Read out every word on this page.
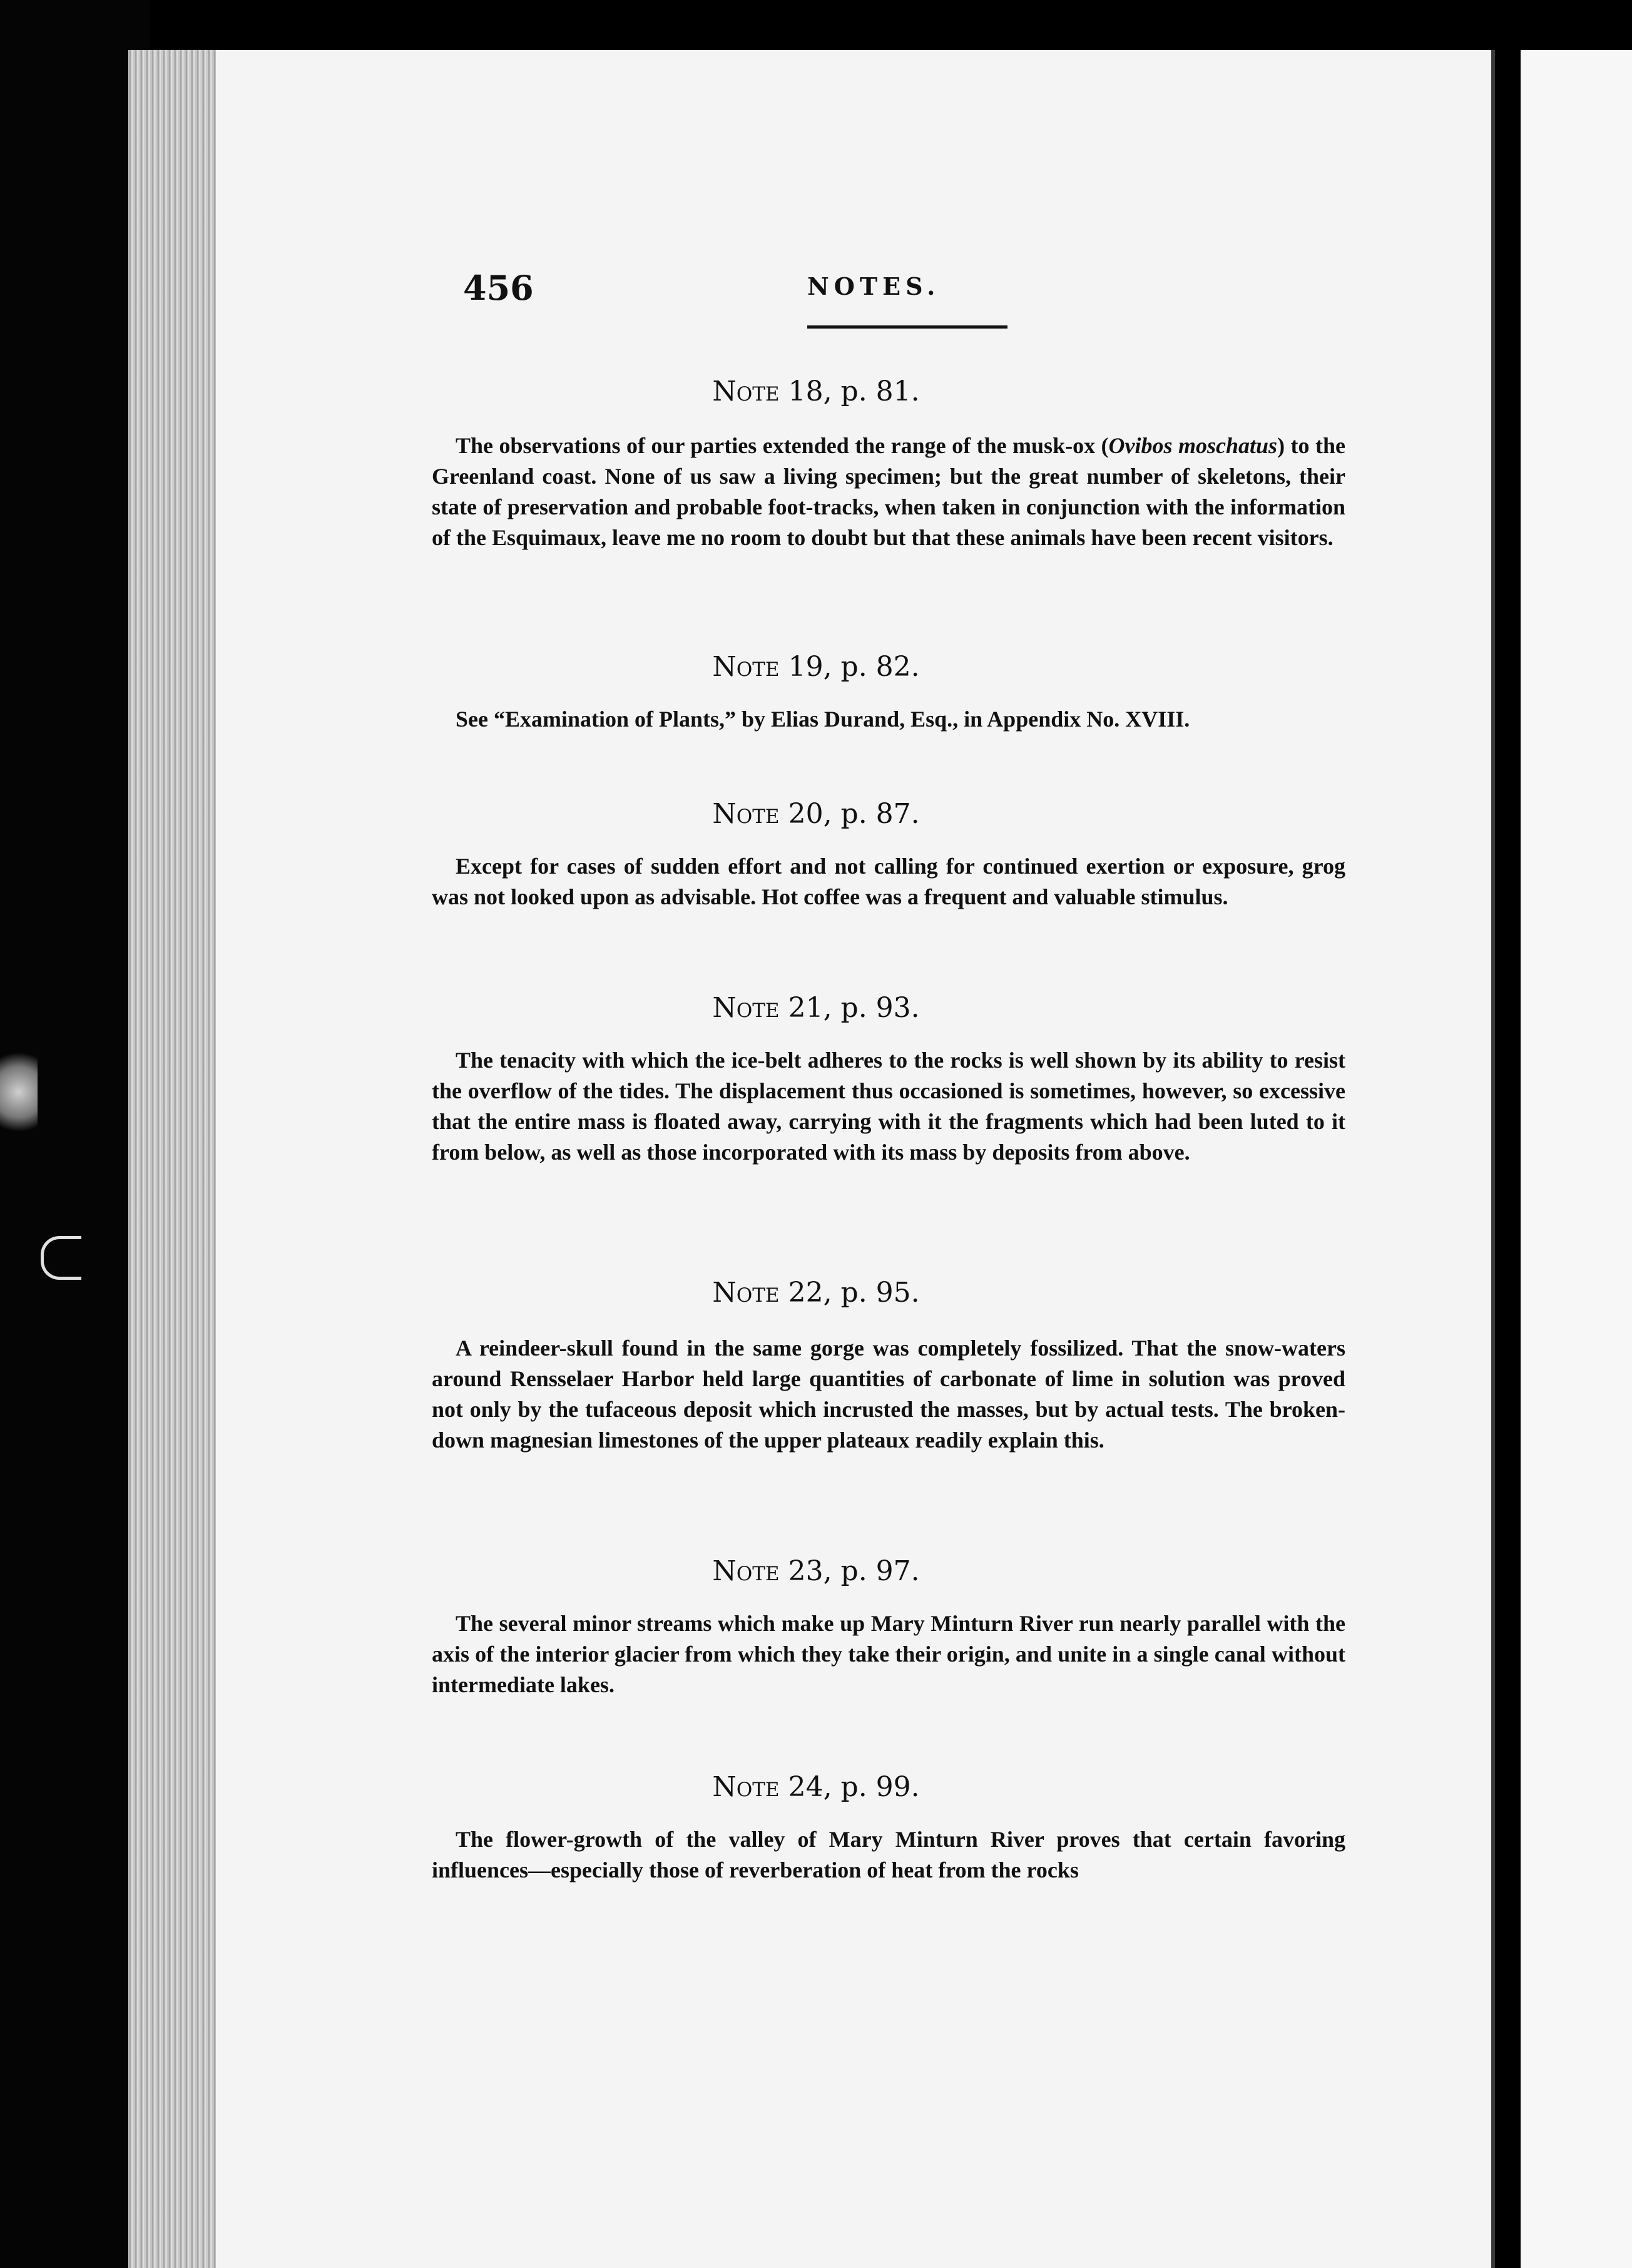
456	NOTES.
Note 18, p. 81.
The observations of our parties extended the range of the musk-ox (Ovibos moschatus) to the Greenland coast. None of us saw a living specimen; but the great number of skeletons, their state of preservation and probable foot-tracks, when taken in conjunction with the information of the Esquimaux, leave me no room to doubt but that these animals have been recent visitors.
Note 19, p. 82.
See “Examination of Plants,” by Elias Durand, Esq., in Appendix No. XVIII.
Note 20, p. 87.
Except for cases of sudden effort and not calling for continued exertion or exposure, grog was not looked upon as advisable. Hot coffee was a frequent and valuable stimulus.
Note 21, p. 93.
The tenacity with which the ice-belt adheres to the rocks is well shown by its ability to resist the overflow of the tides. The displacement thus occasioned is sometimes, however, so excessive that the entire mass is floated away, carrying with it the fragments which had been luted to it from below, as well as those incorporated with its mass by deposits from above.
Note 22, p. 95.
A reindeer-skull found in the same gorge was completely fossilized. That the snow-waters around Rensselaer Harbor held large quantities of carbonate of lime in solution was proved not only by the tufaceous deposit which incrusted the masses, but by actual tests. The broken-down magnesian limestones of the upper plateaux readily explain this.
Note 23, p. 97.
The several minor streams which make up Mary Minturn River run nearly parallel with the axis of the interior glacier from which they take their origin, and unite in a single canal without intermediate lakes.
Note 24, p. 99.
The flower-growth of the valley of Mary Minturn River proves that certain favoring influences—especially those of reverberation of heat from the rocks
